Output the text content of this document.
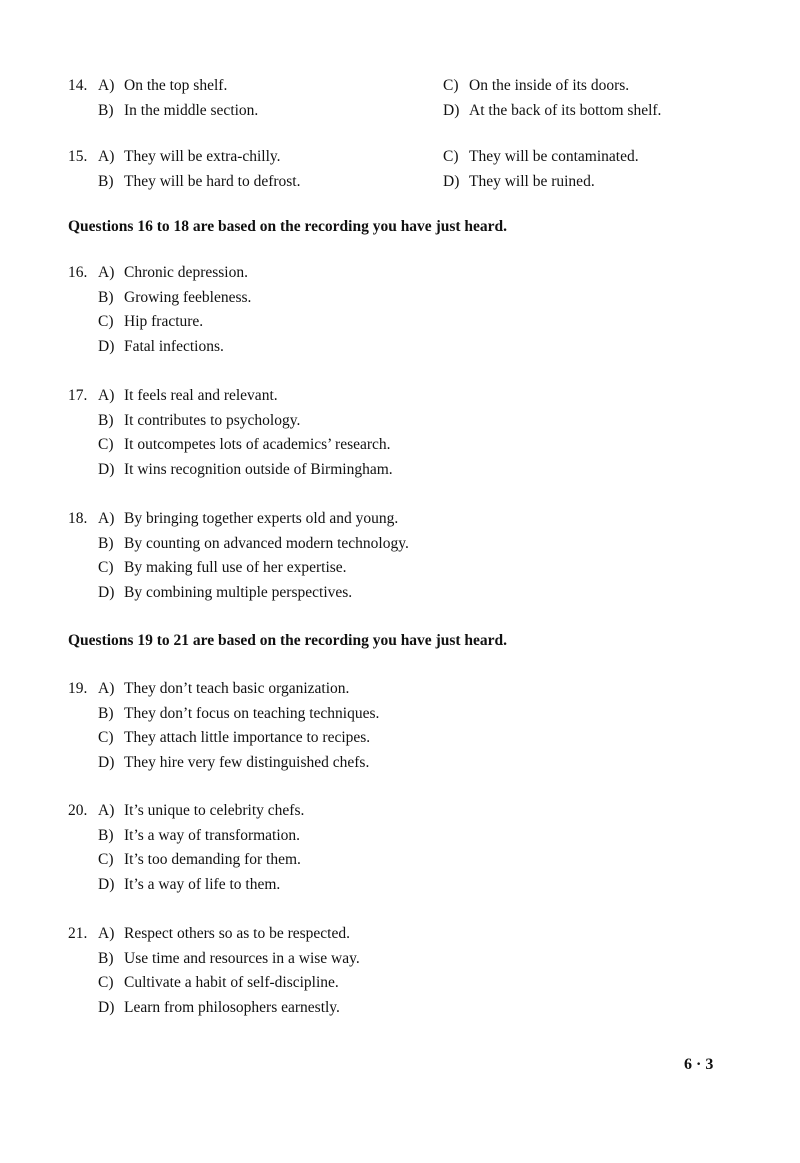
14. A) On the top shelf.	C) On the inside of its doors.
B) In the middle section.	D) At the back of its bottom shelf.
15. A) They will be extra-chilly.	C) They will be contaminated.
B) They will be hard to defrost.	D) They will be ruined.
Questions 16 to 18 are based on the recording you have just heard.
16. A) Chronic depression.
B) Growing feebleness.
C) Hip fracture.
D) Fatal infections.
17. A) It feels real and relevant.
B) It contributes to psychology.
C) It outcompetes lots of academics’ research.
D) It wins recognition outside of Birmingham.
18. A) By bringing together experts old and young.
B) By counting on advanced modern technology.
C) By making full use of her expertise.
D) By combining multiple perspectives.
Questions 19 to 21 are based on the recording you have just heard.
19. A) They don’t teach basic organization.
B) They don’t focus on teaching techniques.
C) They attach little importance to recipes.
D) They hire very few distinguished chefs.
20. A) It’s unique to celebrity chefs.
B) It’s a way of transformation.
C) It’s too demanding for them.
D) It’s a way of life to them.
21. A) Respect others so as to be respected.
B) Use time and resources in a wise way.
C) Cultivate a habit of self-discipline.
D) Learn from philosophers earnestly.
6 · 3
